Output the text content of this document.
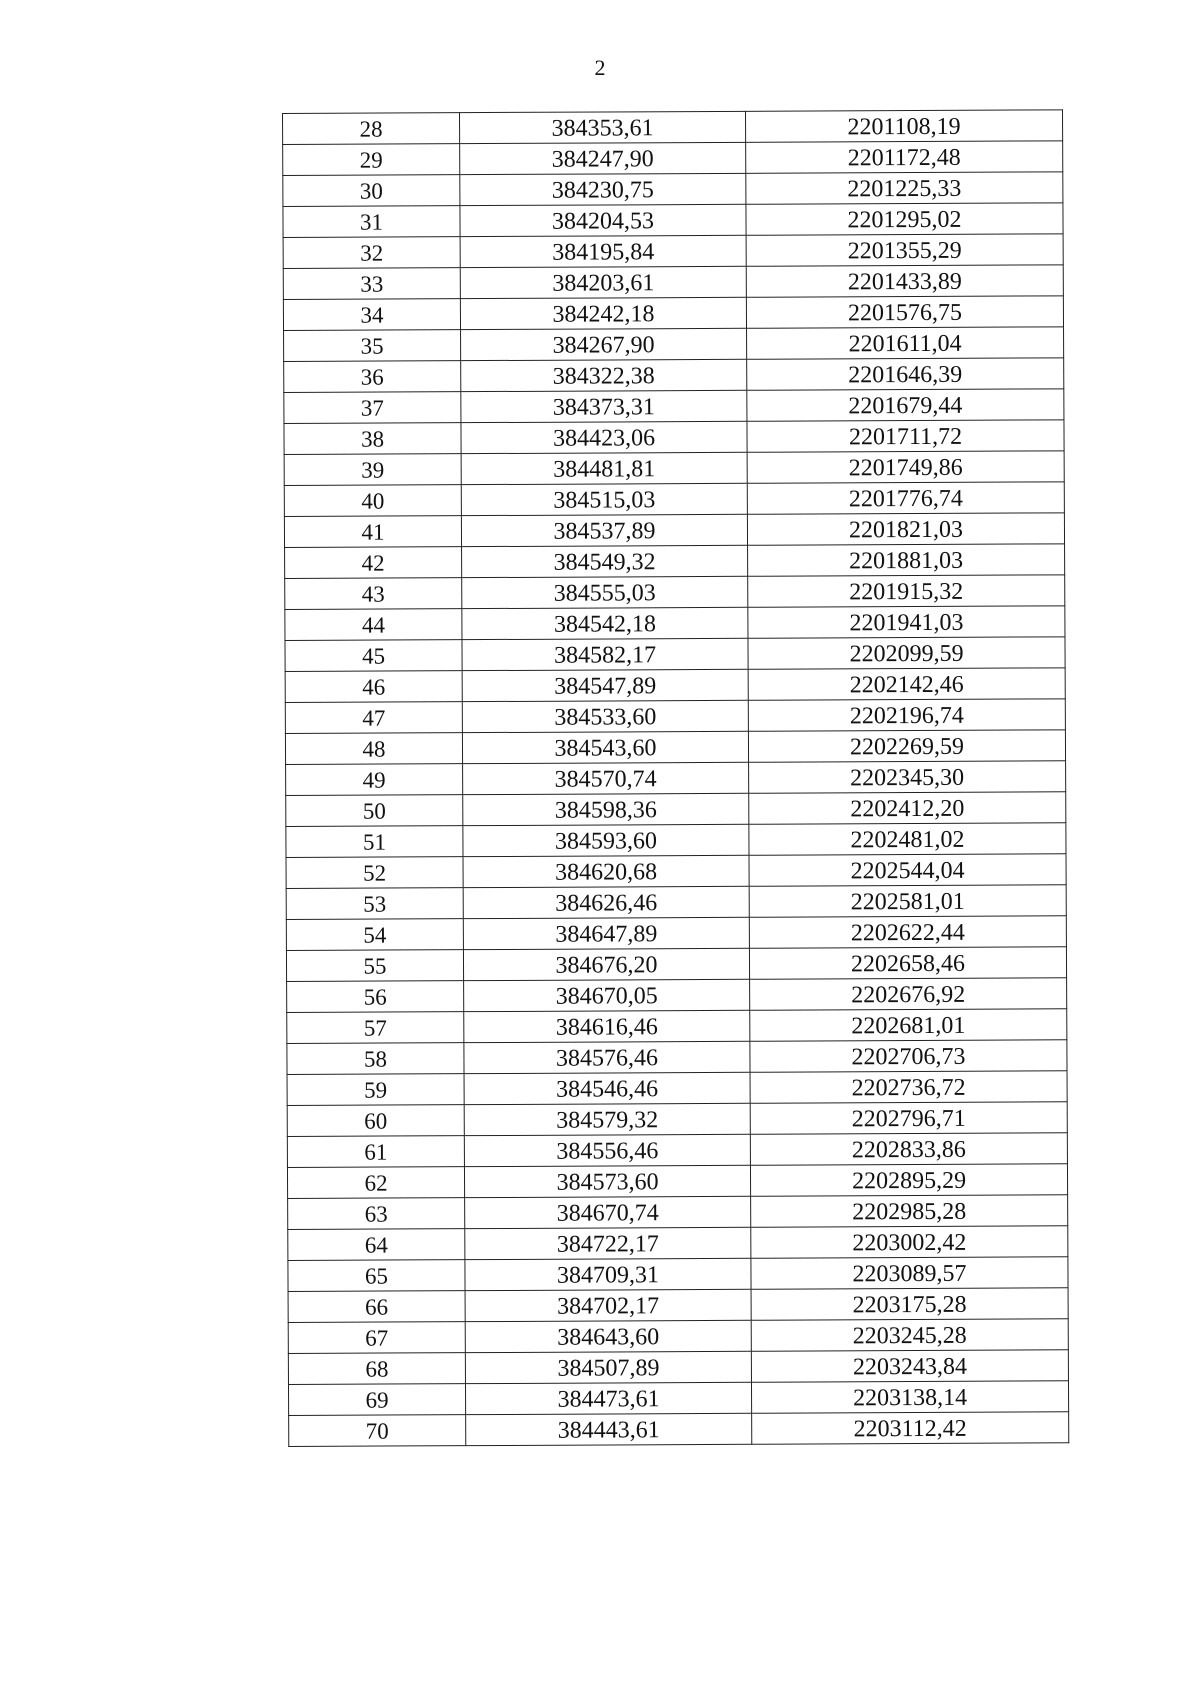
2
28	384353,61	2201108,19
29	384247,90	2201172,48
30	384230,75	2201225,33
31	384204,53	2201295,02
32	384195,84	2201355,29
33	384203,61	2201433,89
34	384242,18	2201576,75
35	384267,90	2201611,04
36	384322,38	2201646,39
37	384373,31	2201679,44
38	384423,06	2201711,72
39	384481,81	2201749,86
40	384515,03	2201776,74
41	384537,89	2201821,03
42	384549,32	2201881,03
43	384555,03	2201915,32
44	384542,18	2201941,03
45	384582,17	2202099,59
46	384547,89	2202142,46
47	384533,60	2202196,74
48	384543,60	2202269,59
49	384570,74	2202345,30
50	384598,36	2202412,20
51	384593,60	2202481,02
52	384620,68	2202544,04
53	384626,46	2202581,01
54	384647,89	2202622,44
55	384676,20	2202658,46
56	384670,05	2202676,92
57	384616,46	2202681,01
58	384576,46	2202706,73
59	384546,46	2202736,72
60	384579,32	2202796,71
61	384556,46	2202833,86
62	384573,60	2202895,29
63	384670,74	2202985,28
64	384722,17	2203002,42
65	384709,31	2203089,57
66	384702,17	2203175,28
67	384643,60	2203245,28
68	384507,89	2203243,84
69	384473,61	2203138,14
70	384443,61	2203112,42
